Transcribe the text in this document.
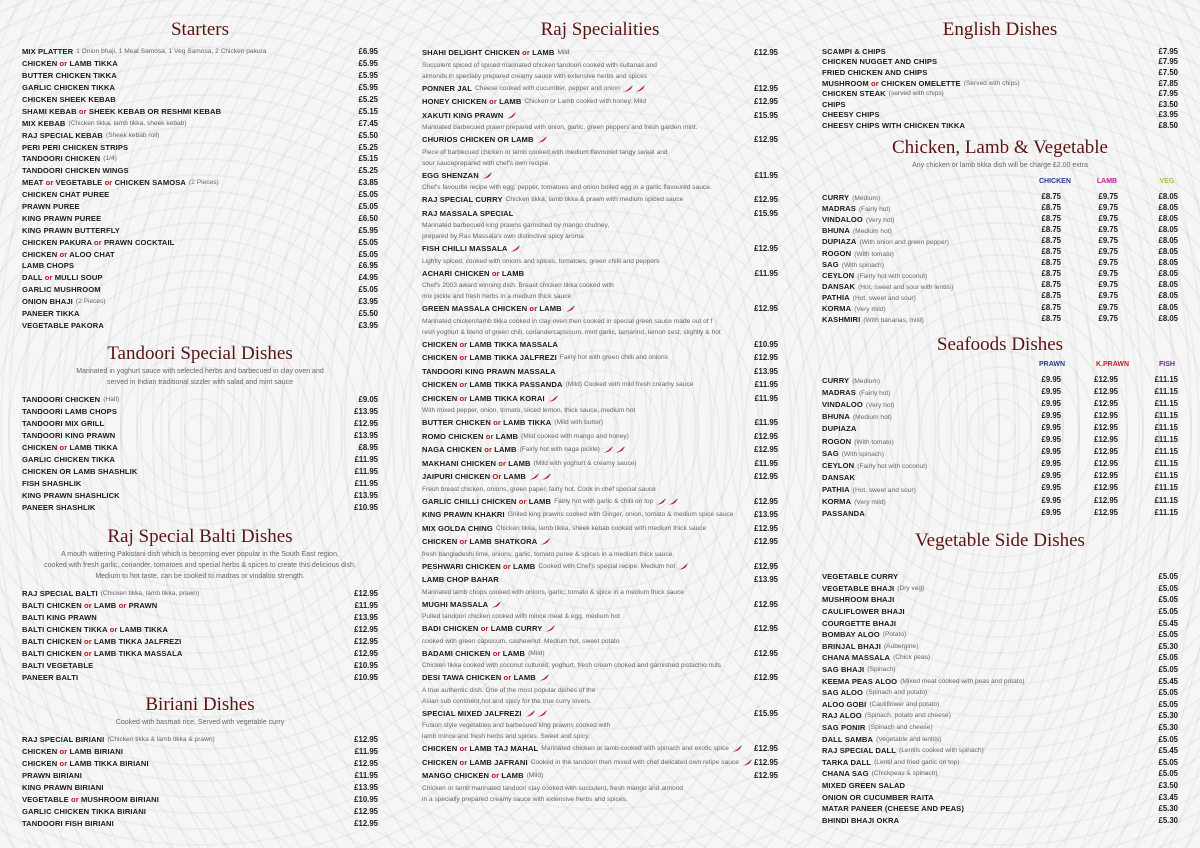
Starters
MIX PLATTER 1 Onion bhaji, 1 Meat Samosa, 1 Veg Samosa, 2 Chicken pakura	£6.95
CHICKEN or LAMB TIKKA	£5.95
BUTTER CHICKEN TIKKA	£5.95
GARLIC CHICKEN TIKKA	£5.95
CHICKEN SHEEK KEBAB	£5.25
SHAMI KEBAB or SHEEK KEBAB OR RESHMI KEBAB	£5.15
MIX KEBAB (Chicken tikka, lamb tikka, sheek kebab)	£7.45
RAJ SPECIAL KEBAB (Sheek kebab roll)	£5.50
PERI PERI CHICKEN STRIPS	£5.25
TANDOORI CHICKEN (1/4)	£5.15
TANDOORI CHICKEN WINGS	£5.25
MEAT or VEGETABLE or CHICKEN SAMOSA (2 Pieces)	£3.85
CHICKEN CHAT PUREE	£5.05
PRAWN PUREE	£5.05
KING PRAWN PUREE	£6.50
KING PRAWN BUTTERFLY	£5.95
CHICKEN PAKURA or PRAWN COCKTAIL	£5.05
CHICKEN or ALOO CHAT	£5.05
LAMB CHOPS	£6.95
DALL or MULLI SOUP	£4.95
GARLIC MUSHROOM	£5.05
ONION BHAJI (2 Pieces)	£3.95
PANEER TIKKA	£5.50
VEGETABLE PAKORA	£3.95
Tandoori Special Dishes
Marinated in yoghurt sauce with selected herbs and barbecued in clay oven and
served in Indian traditional sizzler with salad and mint sauce
TANDOORI CHICKEN (Half)	£9.05
TANDOORI LAMB CHOPS	£13.95
TANDOORI MIX GRILL	£12.95
TANDOORI KING PRAWN	£13.95
CHICKEN or LAMB TIKKA	£8.95
GARLIC CHICKEN TIKKA	£11.95
CHICKEN OR LAMB SHASHLIK	£11.95
FISH SHASHLIK	£11.95
KING PRAWN SHASHLICK	£13.95
PANEER SHASHLIK	£10.95
Raj Special Balti Dishes
A mouth watering Pakistani dish which is becoming ever popular in the South East region,
cooked with fresh garlic, coriander, tomatoes and special herbs & spices to create this delicious dish.
Medium to hot taste, can be cooked to madras or vindaloo strength.
RAJ SPECIAL BALTI (Chicken tikka, lamb tikka, prawn)	£12.95
BALTI CHICKEN or LAMB or PRAWN	£11.95
BALTI KING PRAWN	£13.95
BALTI CHICKEN TIKKA or LAMB TIKKA	£12.95
BALTI CHICKEN or LAMB TIKKA JALFREZI	£12.95
BALTI CHICKEN or LAMB TIKKA MASSALA	£12.95
BALTI VEGETABLE	£10.95
PANEER BALTI	£10.95
Biriani Dishes
Cooked with basmati rice, Served with vegetable curry
RAJ SPECIAL BIRIANI (Chicken tikka & lamb tikka & prawn)	£12.95
CHICKEN or LAMB BIRIANI	£11.95
CHICKEN or LAMB TIKKA BIRIANI	£12.95
PRAWN BIRIANI	£11.95
KING PRAWN BIRIANI	£13.95
VEGETABLE or MUSHROOM BIRIANI	£10.95
GARLIC CHICKEN TIKKA BIRIANI	£12.95
TANDOORI FISH BIRIANI	£12.95
Raj Specialities
SHAHI DELIGHT CHICKEN or LAMB Mild	£12.95
Succulent spiced of spiced marinated chicken tandoori cooked with sultanas and
almonds in specially prepared creamy sauce with extensive herbs and spices
PONNER JAL Cheese cooked with cucumber, pepper and onion	£12.95
HONEY CHICKEN or LAMB Chicken or Lamb cooked with honey. Mild	£12.95
XAKUTI KING PRAWN	£15.95
Marinated barbecued prawn prepared with onion, garlic, green peppers and fresh garden mint.
CHURIOS CHICKEN OR LAMB	£12.95
Piece of barbecued chicken or lamb cooked with medium flavoured tangy sweat and
sour sauceprepared with chef's own recipie.
EGG SHENZAN	£11.95
Chef's favourite recipe with egg, pepper, tomatoes and onion boiled egg in a garlic flavoured sauce.
RAJ SPECIAL CURRY Chicken tikka, lamb tikka & prawn with medium spiced sauce	£12.95
RAJ MASSALA SPECIAL	£15.95
Marinated barbecued king prawns garnished by mango chutney,
prepared by Ras Massala's own distinctive spicy aroma
FISH CHILLI MASSALA	£12.95
Lightly spiced, cooked with onions and spices, tomatoes, green chilli and peppers
ACHARI CHICKEN or LAMB	£11.95
Chef's 2003 award winning dish. Breast chicken tikka cooked with
mix pickle and fresh herbs in a medium thick sauce
GREEN MASSALA CHICKEN or LAMB	£12.95
Marinated chicken/lamb tikka cooked in clay oven then cooked in special green sauce made out of f
resh yoghurt & blend of green chili, coriandercapsicum, mint garlic, tamarind, lemon zest, slightly & hot
CHICKEN or LAMB TIKKA MASSALA	£10.95
CHICKEN or LAMB TIKKA JALFREZI Fairly hot with green chilli and onions	£12.95
TANDOORI KING PRAWN MASSALA	£13.95
CHICKEN or LAMB TIKKA PASSANDA (Mild) Cooked with mild fresh creamy sauce	£11.95
CHICKEN or LAMB TIKKA KORAI	£11.95
With mixed pepper, onion, tomato, sliced lemon, thick sauce, medium hot
BUTTER CHICKEN or LAMB TIKKA (Mild with butter)	£11.95
ROMO CHICKEN or LAMB (Mild cooked with mango and honey)	£12.95
NAGA CHICKEN or LAMB (Fairly hot with naga pickle)	£12.95
MAKHANI CHICKEN or LAMB (Mild with yoghurt & creamy sauce)	£11.95
JAIPURI CHICKEN Or LAMB	£12.95
Fresh breast chicken, onions, green paper, fairly hot. Cook in chef special sauce
GARLIC CHILLI CHICKEN or LAMB Fairly hot with garlic & chilli on top	£12.95
KING PRAWN KHAKRI Grilled king prawns cooked with Ginger, onion, tomato & medium spice sauce	£13.95
MIX GOLDA CHING Chicken tikka, lamb tikka, sheek kebab cooked with medium thick sauce	£12.95
CHICKEN or LAMB SHATKORA	£12.95
fresh bangladeshi lime, onions, garlic, tomato puree & spices in a medium thick sauce.
PESHWARI CHICKEN or LAMB Cooked with Chef's special recipe. Medium hot	£12.95
LAMB CHOP BAHAR	£13.95
Marinated lamb chops cooked with onions, garlic, tomato & spice in a medium thick sauce
MUGHI MASSALA	£12.95
Pulled tandoori chicken cooked with mince meat & egg, medium hot
BADI CHICKEN or LAMB CURRY	£12.95
cooked with green capsicum, cashewnut. Medium hot, sweet potato
BADAMI CHICKEN or LAMB (Mild)	£12.95
Chicken tikka cooked with coconut cultured, yoghurt, fresh cream cooked and garnished pistachio nuts
DESI TAWA CHICKEN or LAMB	£12.95
A true authentic dish. One of the most popular dishes of the
Asian sub continent,hot and spicy for the true curry lovers.
SPECIAL MIXED JALFREZI	£15.95
Fusion style vegetables and barbecued king prawns cooked with
lamb mince and fresh herbs and spices. Sweet and spicy.
CHICKEN or LAMB TAJ MAHAL Marinated chicken or lamb cooked with spinach and exotic spice	£12.95
CHICKEN or LAMB JAFRANI Cooked in the tandoori then mixed with chef delicated own retipe sauce £12.95
MANGO CHICKEN or LAMB (Mild)	£12.95
Chicken or lamb marinated tandoori clay cooked with succulent, fresh mango and almond
in a specially prepared creamy sauce with extensive herbs and spices.
English Dishes
SCAMPI & CHIPS	£7.95
CHICKEN NUGGET AND CHIPS	£7.95
FRIED CHICKEN AND CHIPS	£7.50
MUSHROOM or CHICKEN OMELETTE (Served with chips)	£7.85
CHICKEN STEAK (served with chips)	£7.95
CHIPS	£3.50
CHEESY CHIPS	£3.95
CHEESY CHIPS WITH CHICKEN TIKKA	£8.50
Chicken, Lamb & Vegetable
Any chicken or lamb tikka dish will be charge £2.00 extra
CHICKEN	LAMB	VEG
CURRY (Medium)	£8.75	£9.75	£8.05
MADRAS (Fairly hot)	£8.75	£9.75	£8.05
VINDALOO (Very hot)	£8.75	£9.75	£8.05
BHUNA (Medium hot)	£8.75	£9.75	£8.05
DUPIAZA (With onion and green pepper)	£8.75	£9.75	£8.05
ROGON (With tomato)	£8.75	£9.75	£8.05
SAG (With spinach)	£8.75	£9.75	£8.05
CEYLON (Fairly hot with coconut)	£8.75	£9.75	£8.05
DANSAK (Hot, sweet and sour with lentils)	£8.75	£9.75	£8.05
PATHIA (Hot, sweet and sour)	£8.75	£9.75	£8.05
KORMA (Very mild)	£8.75	£9.75	£8.05
KASHMIRI (With bananas, mild)	£8.75	£9.75	£8.05
Seafoods Dishes
PRAWN	K.PRAWN	FISH
CURRY (Medium)	£9.95	£12.95	£11.15
MADRAS (Fairly hot)	£9.95	£12.95	£11.15
VINDALOO (Very hot)	£9.95	£12.95	£11.15
BHUNA (Medium hot)	£9.95	£12.95	£11.15
DUPIAZA	£9.95	£12.95	£11.15
ROGON (With tomato)	£9.95	£12.95	£11.15
SAG (With spinach)	£9.95	£12.95	£11.15
CEYLON (Fairly hot with coconut)	£9.95	£12.95	£11.15
DANSAK	£9.95	£12.95	£11.15
PATHIA (Hot, sweet and sour)	£9.95	£12.95	£11.15
KORMA (Very mild)	£9.95	£12.95	£11.15
PASSANDA	£9.95	£12.95	£11.15
Vegetable Side Dishes
VEGETABLE CURRY	£5.05
VEGETABLE BHAJI (Dry veg)	£5.05
MUSHROOM BHAJI	£5.05
CAULIFLOWER BHAJI	£5.05
COURGETTE BHAJI	£5.45
BOMBAY ALOO (Potato)	£5.05
BRINJAL BHAJI (Aubergine)	£5.30
CHANA MASSALA (Chick peas)	£5.05
SAG BHAJI (Spinach)	£5.05
KEEMA PEAS ALOO (Mixed meat cooked with peas and potato)	£5.45
SAG ALOO (Spinach and potato)	£5.05
ALOO GOBI (Cauliflower and potato)	£5.05
RAJ ALOO (Spinach, potato and cheese)	£5.30
SAG PONIR (Spinach and cheese)	£5.30
DALL SAMBA (Vegetable and lentils)	£5.05
RAJ SPECIAL DALL (Lentils cooked with spinach)	£5.45
TARKA DALL (Lentil and fried garlic on top)	£5.05
CHANA SAG (Chickpeas & spinach)	£5.05
MIXED GREEN SALAD	£3.50
ONION OR CUCUMBER RAITA	£3.45
MATAR PANEER (CHEESE AND PEAS)	£5.30
BHINDI BHAJI OKRA	£5.30
